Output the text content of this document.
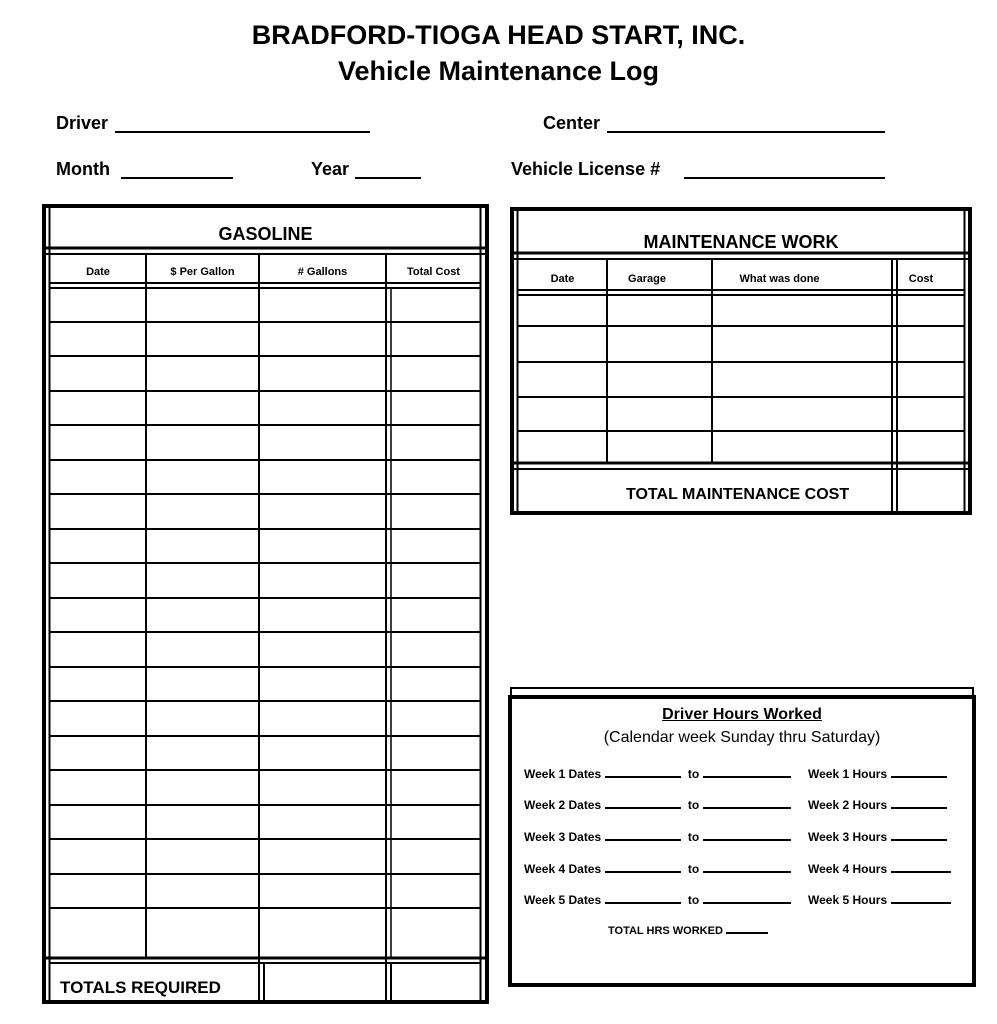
BRADFORD-TIOGA HEAD START, INC.
Vehicle Maintenance Log
Driver	Center
Month	Year	Vehicle License #
GASOLINE
Date	$ Per Gallon	# Gallons	Total Cost
TOTALS REQUIRED
MAINTENANCE WORK
Date	Garage	What was done	Cost
TOTAL MAINTENANCE COST
Driver Hours Worked
(Calendar week Sunday thru Saturday)
Week 1 Dates	to	Week 1 Hours
Week 2 Dates	to	Week 2 Hours
Week 3 Dates	to	Week 3 Hours
Week 4 Dates	to	Week 4 Hours
Week 5 Dates	to	Week 5 Hours
TOTAL HRS WORKED
